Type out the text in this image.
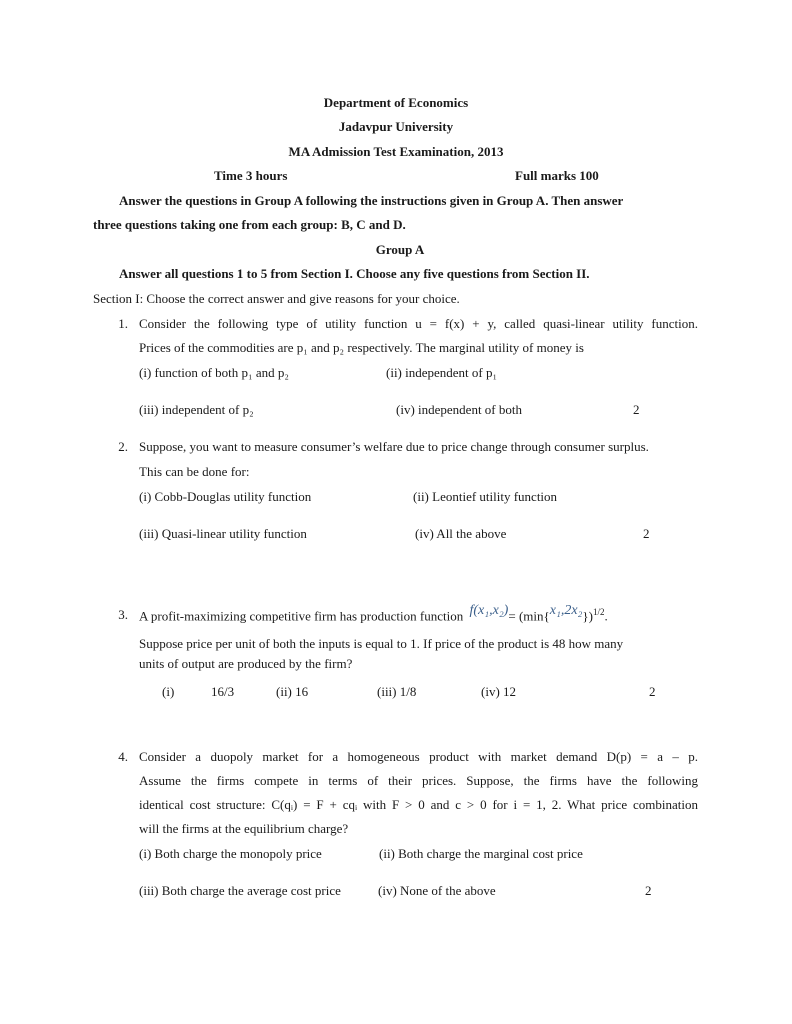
Department of Economics
Jadavpur University
MA Admission Test Examination, 2013
Time 3 hours	Full marks 100
Answer the questions in Group A following the instructions given in Group A. Then answer
three questions taking one from each group: B, C and D.
Group A
Answer all questions 1 to 5 from Section I. Choose any five questions from Section II.
Section I: Choose the correct answer and give reasons for your choice.
1. Consider the following type of utility function u = f(x) + y, called quasi-linear utility function.
Prices of the commodities are p₁ and p₂ respectively. The marginal utility of money is
(i) function of both p₁ and p₂	(ii) independent of p₁
(iii) independent of p₂	(iv) independent of both	2
2. Suppose, you want to measure consumer’s welfare due to price change through consumer surplus.
This can be done for:
(i) Cobb-Douglas utility function	(ii) Leontief utility function
(iii) Quasi-linear utility function	(iv) All the above	2
3. A profit-maximizing competitive firm has production function $f(x_1,x_2)= (\min\{x_1,2x_2\})^{1/2}$.
Suppose price per unit of both the inputs is equal to 1. If price of the product is 48 how many
units of output are produced by the firm?
(i)	16/3	(ii) 16	(iii) 1/8	(iv) 12	2
4. Consider a duopoly market for a homogeneous product with market demand D(p) = a – p.
Assume the firms compete in terms of their prices. Suppose, the firms have the following
identical cost structure: C(qᵢ) = F + cqᵢ with F > 0 and c > 0 for i = 1, 2. What price combination
will the firms at the equilibrium charge?
(i) Both charge the monopoly price	(ii) Both charge the marginal cost price
(iii) Both charge the average cost price	(iv) None of the above	2
